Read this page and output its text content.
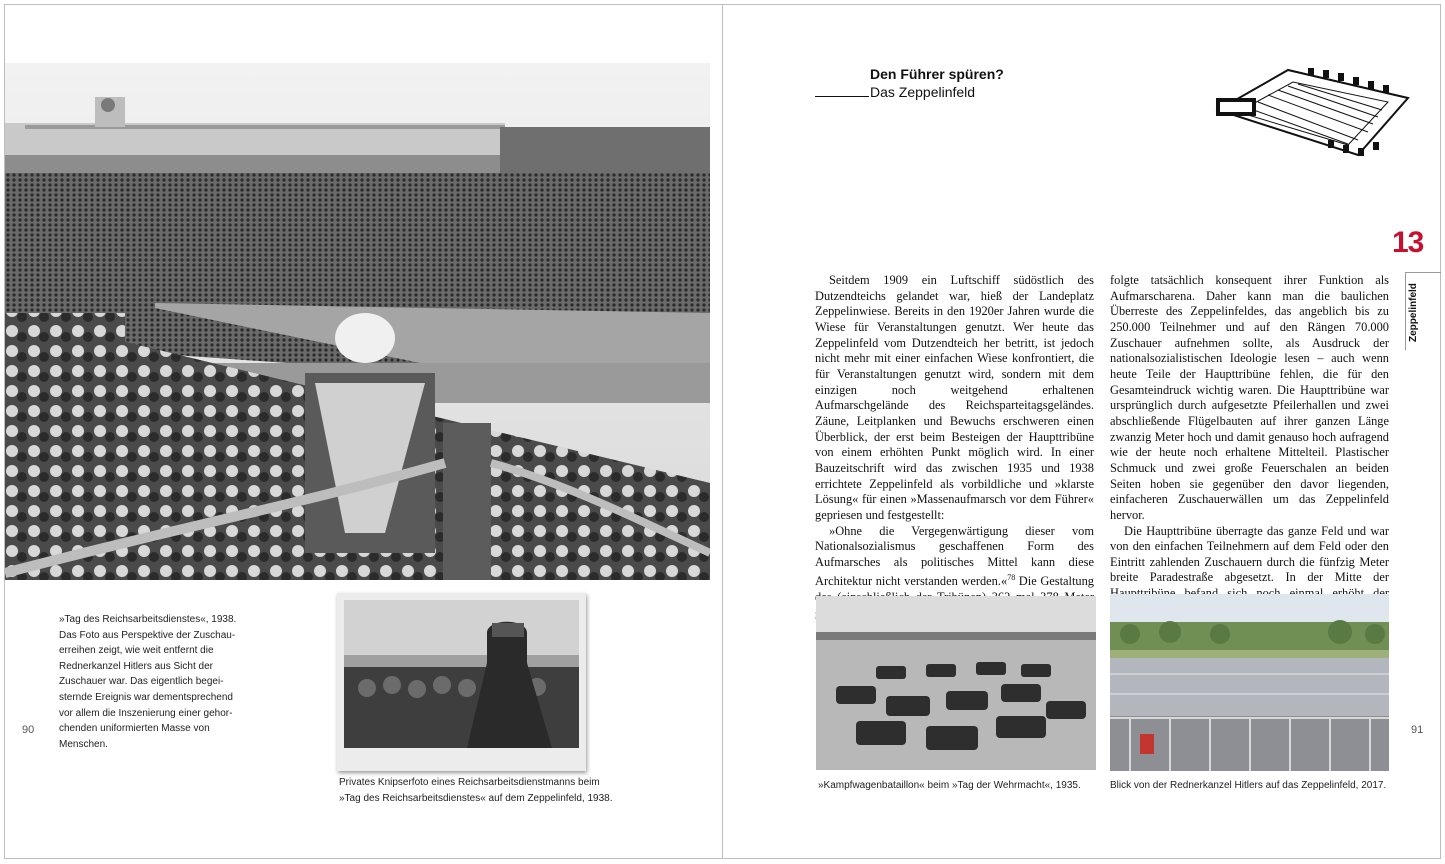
»Tag des Reichsarbeitsdienstes«, 1938.
Das Foto aus Perspektive der Zuschau-
erreihen zeigt, wie weit entfernt die
Rednerkanzel Hitlers aus Sicht der
Zuschauer war. Das eigentlich begei-
sternde Ereignis war dementsprechend
vor allem die Inszenierung einer gehor-
chenden uniformierten Masse von
Menschen.
90
Privates Knipserfoto eines Reichsarbeitsdienstmanns beim
»Tag des Reichsarbeitsdienstes« auf dem Zeppelinfeld, 1938.
Den Führer spüren?
Das Zeppelinfeld
13
Zeppelinfeld

Seitdem 1909 ein Luftschiff südöstlich des Dutzendteichs gelandet war, hieß der Landeplatz Zeppelinwiese. Bereits in den 1920er Jahren wurde die Wiese für Veranstaltungen genutzt. Wer heute das Zeppelinfeld vom Dutzendteich her betritt, ist jedoch nicht mehr mit einer einfachen Wiese konfrontiert, die für Veranstaltungen genutzt wird, sondern mit dem einzigen noch weitgehend erhaltenen Aufmarschgelände des Reichsparteitagsgeländes. Zäune, Leitplanken und Bewuchs erschweren einen Überblick, der erst beim Besteigen der Haupttribüne von einem erhöhten Punkt möglich wird. In einer Bauzeitschrift wird das zwischen 1935 und 1938 errichtete Zeppelinfeld als vorbildliche und »klarste Lösung« für einen »Massenaufmarsch vor dem Führer« gepriesen und festgestellt:

»Ohne die Vergegenwärtigung dieser vom Nationalsozialismus geschaffenen Form des Aufmarsches als politisches Mittel kann diese Architektur nicht verstanden werden.«$^{78}$ Die Gestaltung

folgte tatsächlich konsequent ihrer Funktion als Aufmarscharena. Daher kann man die baulichen Überreste des Zeppelinfeldes, das angeblich bis zu 250.000 Teilnehmer und auf den Rängen 70.000 Zuschauer aufnehmen sollte, als Ausdruck der nationalsozialistischen Ideologie lesen – auch wenn heute Teile der Haupttribüne fehlen, die für den Gesamteindruck wichtig waren. Die Haupttribüne war ursprünglich durch aufgesetzte Pfeilerhallen und zwei abschließende Flügelbauten auf ihrer ganzen Länge zwanzig Meter hoch und damit genauso hoch aufragend wie der heute noch erhaltene Mittelteil. Plastischer Schmuck und zwei große Feuerschalen an beiden Seiten hoben sie gegenüber den davor liegenden, einfacheren Zuschauerwällen um das Zeppelinfeld hervor.

Die Haupttribüne überragte das ganze Feld und war von den einfachen Teilnehmern auf dem Feld oder den Eintritt zahlenden Zuschauern durch die fünfzig Meter breite Paradestraße abgesetzt. In der Mitte der

»Kampfwagenbataillon« beim »Tag der Wehrmacht«, 1935.	Blick von der Rednerkanzel Hitlers auf das Zeppelinfeld, 2017.
91
